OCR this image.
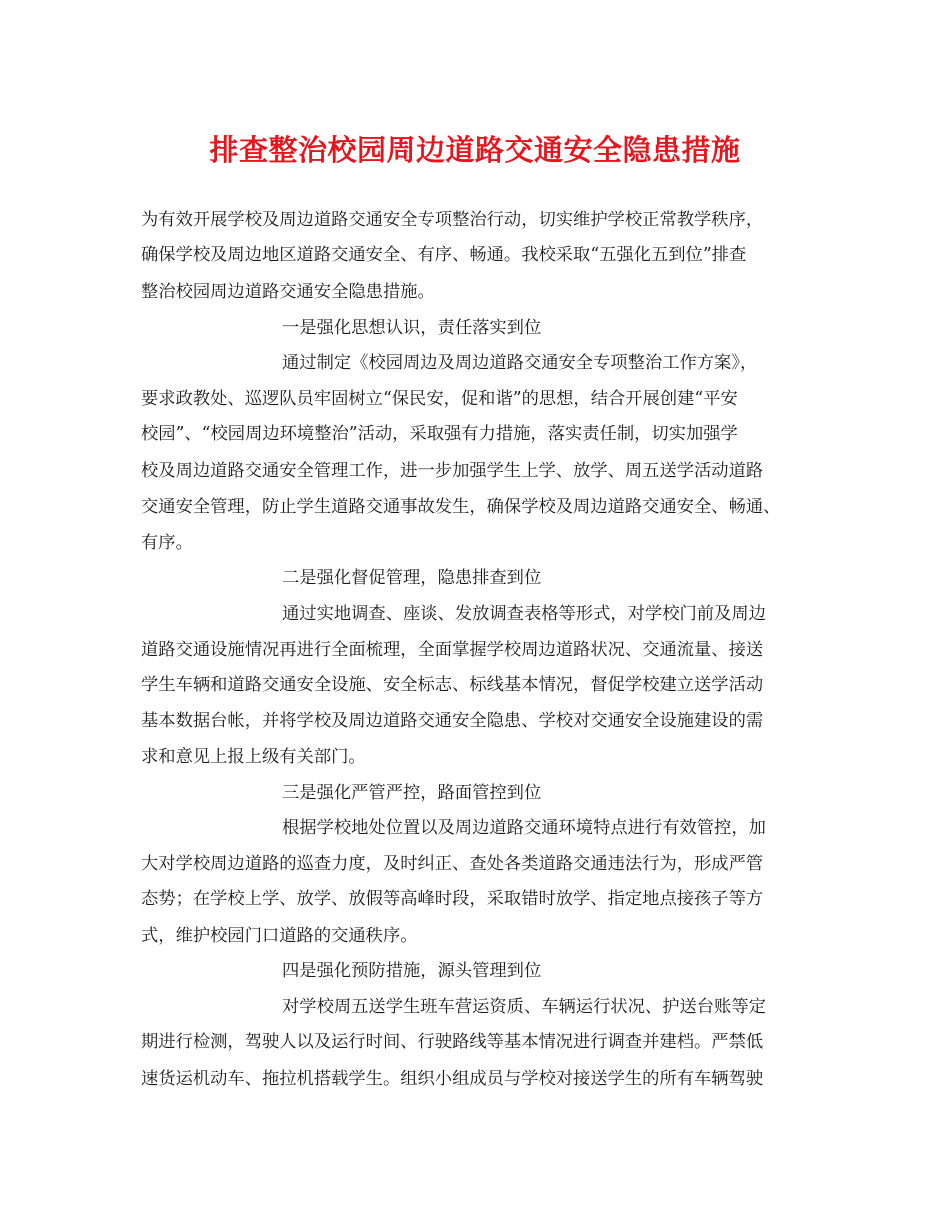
排查整治校园周边道路交通安全隐患措施
为有效开展学校及周边道路交通安全专项整治行动，切实维护学校正常教学秩序，
确保学校及周边地区道路交通安全、有序、畅通。我校采取“五强化五到位”排查
整治校园周边道路交通安全隐患措施。
一是强化思想认识，责任落实到位
通过制定《校园周边及周边道路交通安全专项整治工作方案》，
要求政教处、巡逻队员牢固树立“保民安，促和谐”的思想，结合开展创建“平安
校园”、“校园周边环境整治”活动，采取强有力措施，落实责任制，切实加强学
校及周边道路交通安全管理工作，进一步加强学生上学、放学、周五送学活动道路
交通安全管理，防止学生道路交通事故发生，确保学校及周边道路交通安全、畅通、
有序。
二是强化督促管理，隐患排查到位
通过实地调查、座谈、发放调查表格等形式，对学校门前及周边
道路交通设施情况再进行全面梳理，全面掌握学校周边道路状况、交通流量、接送
学生车辆和道路交通安全设施、安全标志、标线基本情况，督促学校建立送学活动
基本数据台帐，并将学校及周边道路交通安全隐患、学校对交通安全设施建设的需
求和意见上报上级有关部门。
三是强化严管严控，路面管控到位
根据学校地处位置以及周边道路交通环境特点进行有效管控，加
大对学校周边道路的巡查力度，及时纠正、查处各类道路交通违法行为，形成严管
态势；在学校上学、放学、放假等高峰时段，采取错时放学、指定地点接孩子等方
式，维护校园门口道路的交通秩序。
四是强化预防措施，源头管理到位
对学校周五送学生班车营运资质、车辆运行状况、护送台账等定
期进行检测，驾驶人以及运行时间、行驶路线等基本情况进行调查并建档。严禁低
速货运机动车、拖拉机搭载学生。组织小组成员与学校对接送学生的所有车辆驾驶
